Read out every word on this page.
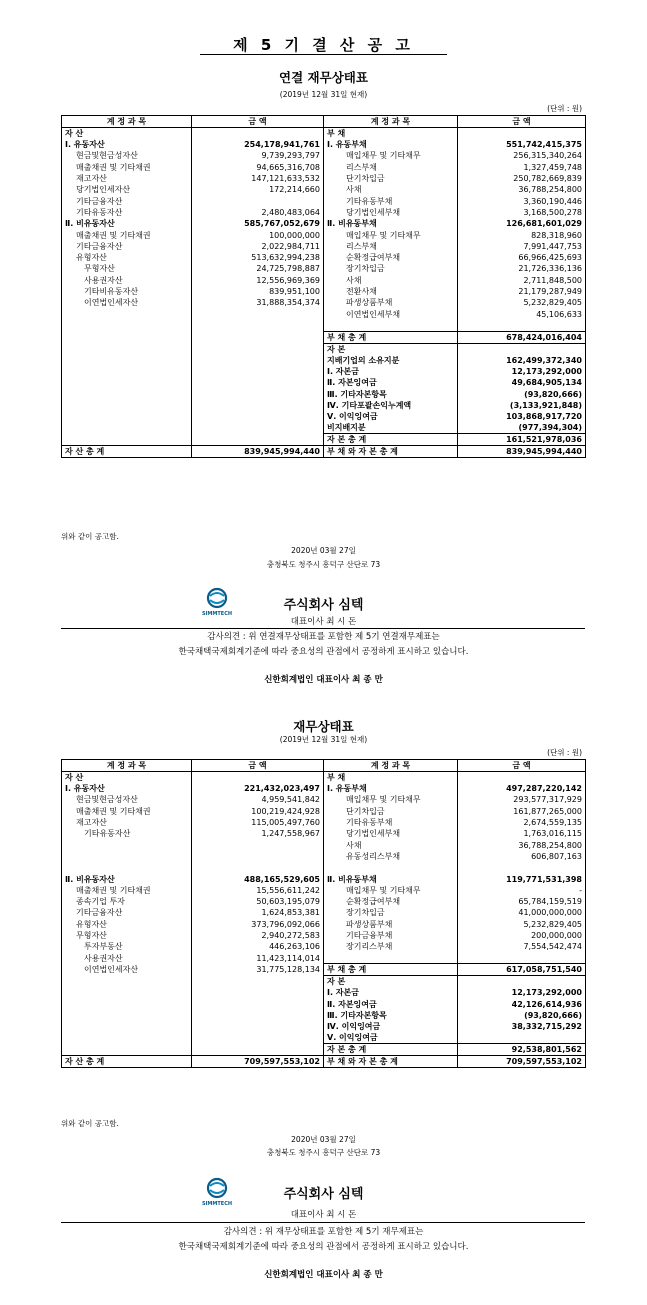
제 5 기 결 산 공 고
연결 재무상태표
(2019년 12월 31일 현재)
(단위 : 원)
계 정 과 목	금 액	계 정 과 목	금 액
자 산		부 채	
Ⅰ. 유동자산	254,178,941,761	Ⅰ. 유동부채	551,742,415,375
현금및현금성자산	9,739,293,797	매입채무 및 기타채무	256,315,340,264
매출채권 및 기타채권	94,665,316,708	리스부채	1,327,459,748
재고자산	147,121,633,532	단기차입금	250,782,669,839
당기법인세자산	172,214,660	사채	36,788,254,800
기타금융자산		기타유동부채	3,360,190,446
기타유동자산	2,480,483,064	당기법인세부채	3,168,500,278
Ⅱ. 비유동자산	585,767,052,679	Ⅱ. 비유동부채	126,681,601,029
매출채권 및 기타채권	100,000,000	매입채무 및 기타채무	828,318,960
기타금융자산	2,022,984,711	리스부채	7,991,447,753
유형자산	513,632,994,238	순확정급여부채	66,966,425,693
무형자산	24,725,798,887	장기차입금	21,726,336,136
사용권자산	12,556,969,369	사채	2,711,848,500
기타비유동자산	839,951,100	전환사채	21,179,287,949
이연법인세자산	31,888,354,374	파생상품부채	5,232,829,405
		이연법인세부채	45,106,633

		부 채 총 계	678,424,016,404
		자 본	
		지배기업의 소유지분	162,499,372,340
		Ⅰ. 자본금	12,173,292,000
		Ⅱ. 자본잉여금	49,684,905,134
		Ⅲ. 기타자본항목	(93,820,666)
		Ⅳ. 기타포괄손익누계액	(3,133,921,848)
		Ⅴ. 이익잉여금	103,868,917,720
		비지배지분	(977,394,304)
		자 본 총 계	161,521,978,036
자 산 총 계	839,945,994,440	부 채 와 자 본 총 계	839,945,994,440
위와 같이 공고함.
2020년 03월 27일
충청북도 청주시 흥덕구 산단로 73
SIMMTECH
주식회사 심텍
대표이사 최 시 돈
감사의견 : 위 연결재무상태표를 포함한 제 5기 연결재무제표는
한국채택국제회계기준에 따라 중요성의 관점에서 공정하게 표시하고 있습니다.
신한회계법인 대표이사 최 종 만
재무상태표
(2019년 12월 31일 현재)
(단위 : 원)
계 정 과 목	금 액	계 정 과 목	금 액
자 산		부 채	
Ⅰ. 유동자산	221,432,023,497	Ⅰ. 유동부채	497,287,220,142
현금및현금성자산	4,959,541,842	매입채무 및 기타채무	293,577,317,929
매출채권 및 기타채권	100,219,424,928	단기차입금	161,877,265,000
재고자산	115,005,497,760	기타유동부채	2,674,559,135
기타유동자산	1,247,558,967	당기법인세부채	1,763,016,115
		사채	36,788,254,800
		유동성리스부채	606,807,163

Ⅱ. 비유동자산	488,165,529,605	Ⅱ. 비유동부채	119,771,531,398
매출채권 및 기타채권	15,556,611,242	매입채무 및 기타채무	-
종속기업 투자	50,603,195,079	순확정급여부채	65,784,159,519
기타금융자산	1,624,853,381	장기차입금	41,000,000,000
유형자산	373,796,092,066	파생상품부채	5,232,829,405
무형자산	2,940,272,583	기타금융부채	200,000,000
투자부동산	446,263,106	장기리스부채	7,554,542,474
사용권자산	11,423,114,014		
이연법인세자산	31,775,128,134	부 채 총 계	617,058,751,540
		자 본	
		Ⅰ. 자본금	12,173,292,000
		Ⅱ. 자본잉여금	42,126,614,936
		Ⅲ. 기타자본항목	(93,820,666)
		Ⅳ. 이익잉여금	38,332,715,292
		Ⅴ. 이익잉여금	
		자 본 총 계	92,538,801,562
자 산 총 계	709,597,553,102	부 채 와 자 본 총 계	709,597,553,102
위와 같이 공고함.
2020년 03월 27일
충청북도 청주시 흥덕구 산단로 73
SIMMTECH
주식회사 심텍
대표이사 최 시 돈
감사의견 : 위 재무상태표를 포함한 제 5기 재무제표는
한국채택국제회계기준에 따라 중요성의 관점에서 공정하게 표시하고 있습니다.
신한회계법인 대표이사 최 종 만
